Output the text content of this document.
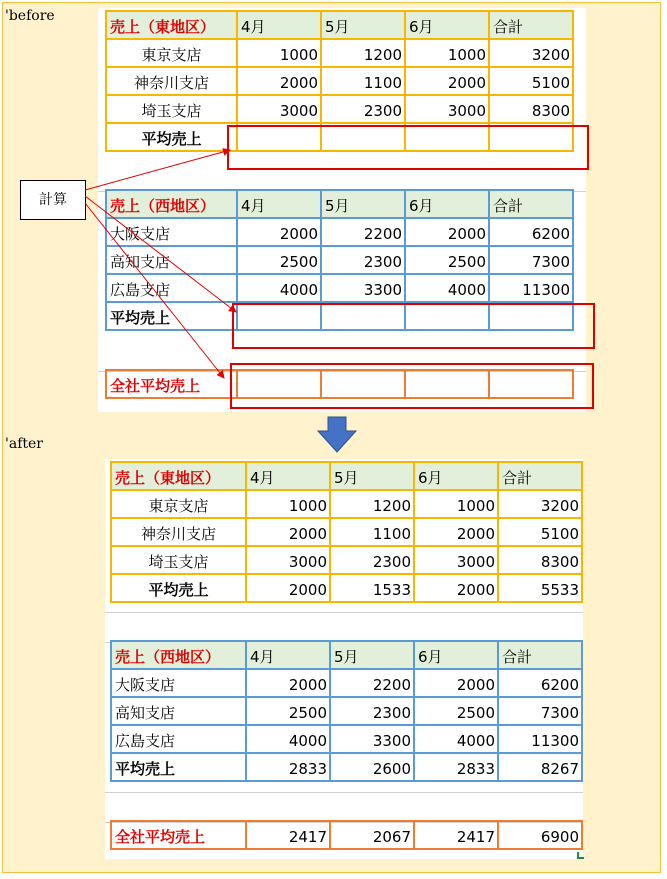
'before
'after
売上（東地区）	4月	5月	6月	合計
東京支店	1000	1200	1000	3200
神奈川支店	2000	1100	2000	5100
埼玉支店	3000	2300	3000	8300
平均売上
売上（西地区）	4月	5月	6月	合計
大阪支店	2000	2200	2000	6200
高知支店	2500	2300	2500	7300
広島支店	4000	3300	4000	11300
平均売上
全社平均売上
売上（東地区）	4月	5月	6月	合計
東京支店	1000	1200	1000	3200
神奈川支店	2000	1100	2000	5100
埼玉支店	3000	2300	3000	8300
平均売上	2000	1533	2000	5533
売上（西地区）	4月	5月	6月	合計
大阪支店	2000	2200	2000	6200
高知支店	2500	2300	2500	7300
広島支店	4000	3300	4000	11300
平均売上	2833	2600	2833	8267
全社平均売上	2417	2067	2417	6900
計算
